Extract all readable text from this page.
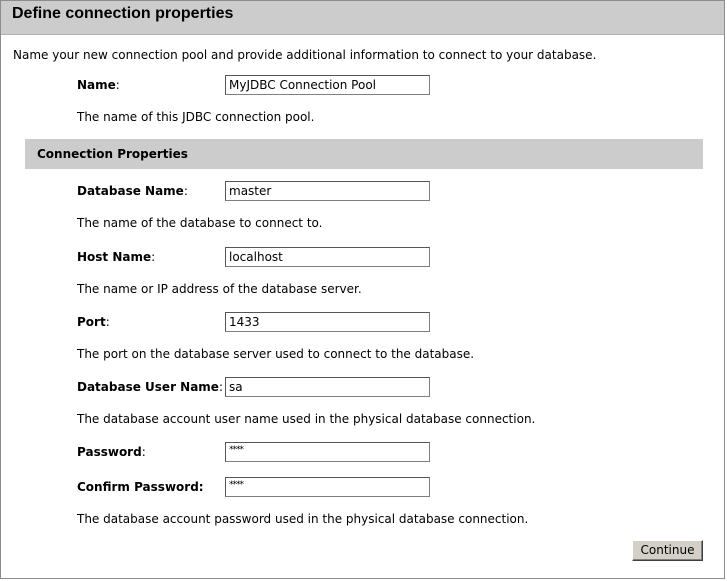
Define connection properties
Name your new connection pool and provide additional information to connect to your database.
Name:	MyJDBC Connection Pool
The name of this JDBC connection pool.
Connection Properties
Database Name:	master
The name of the database to connect to.
Host Name:	localhost
The name or IP address of the database server.
Port:	1433
The port on the database server used to connect to the database.
Database User Name: sa
The database account user name used in the physical database connection.
Password:	****
Confirm Password:	****
The database account password used in the physical database connection.
Continue
